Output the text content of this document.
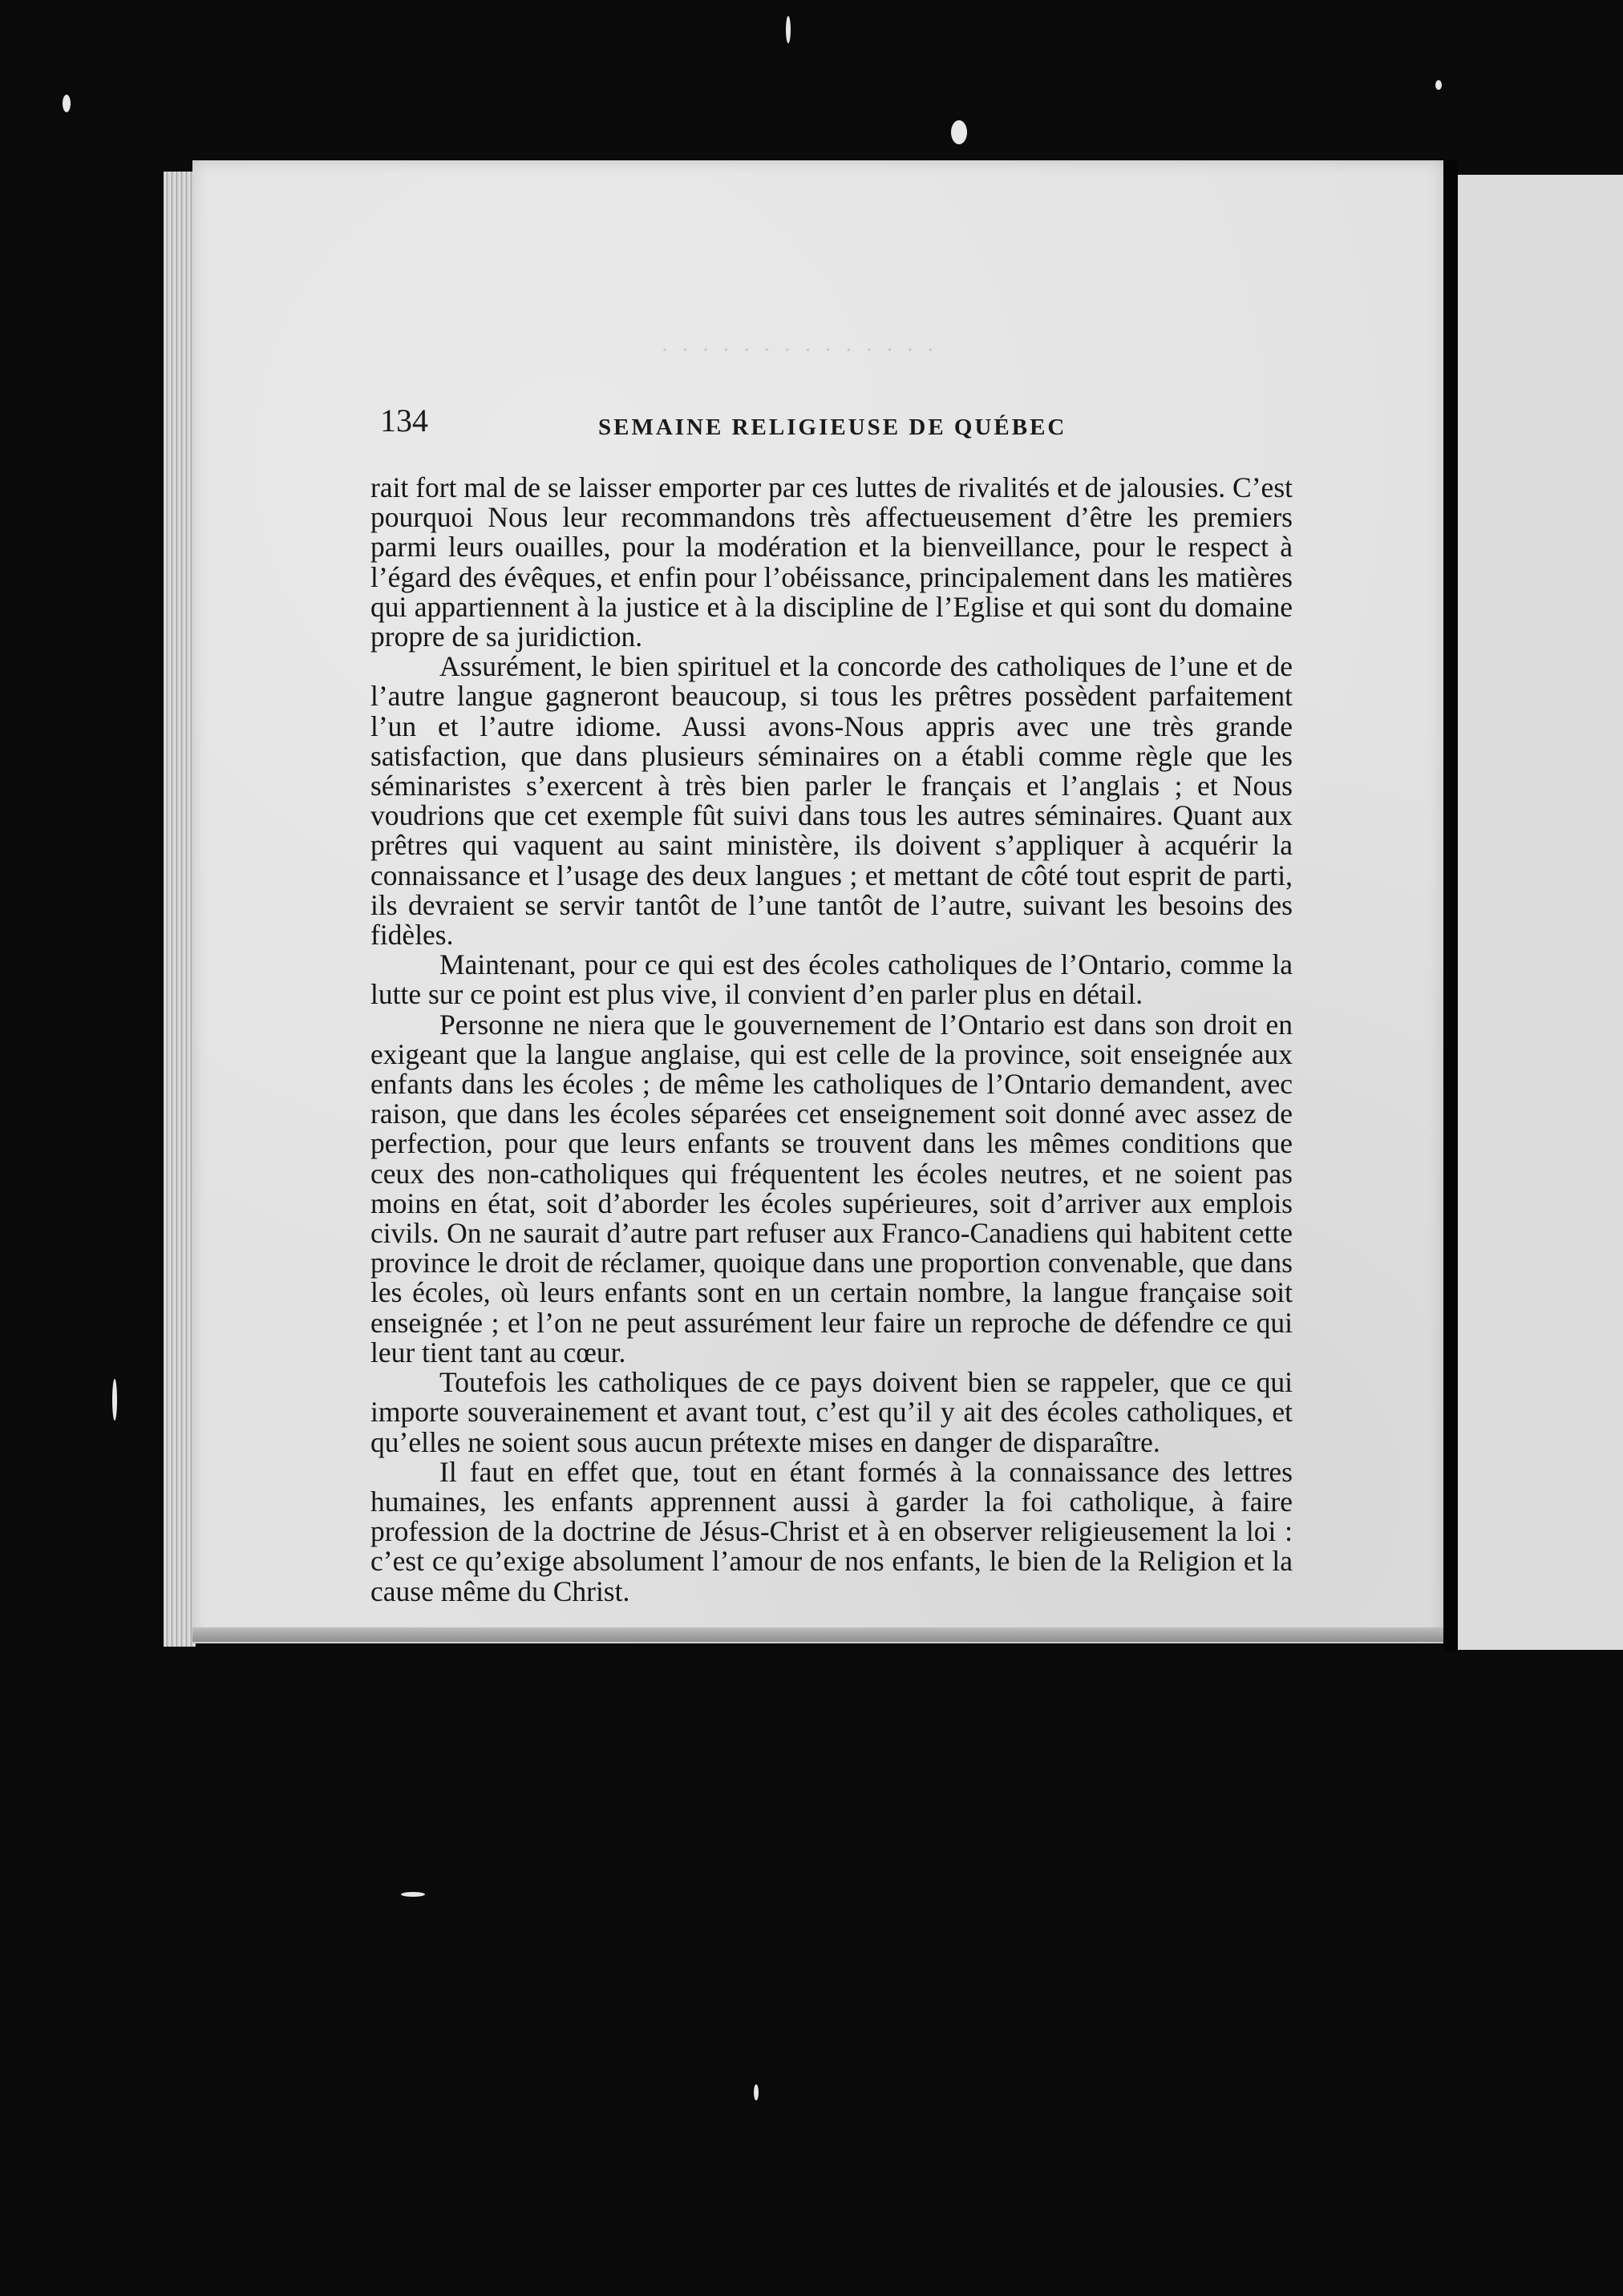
· · · · · · · · · · · · · ·
134	SEMAINE RELIGIEUSE DE QUÉBEC

rait fort mal de se laisser emporter par ces luttes de rivalités et de jalousies. C’est pourquoi Nous leur recommandons très affectueusement d’être les premiers parmi leurs ouailles, pour la modération et la bienveillance, pour le respect à l’égard des évêques, et enfin pour l’obéissance, principalement dans les matières qui appartiennent à la justice et à la discipline de l’Eglise et qui sont du domaine propre de sa juridiction.

Assurément, le bien spirituel et la concorde des catholiques de l’une et de l’autre langue gagneront beaucoup, si tous les prêtres possèdent parfaitement l’un et l’autre idiome. Aussi avons-Nous appris avec une très grande satisfaction, que dans plusieurs séminaires on a établi comme règle que les séminaristes s’exercent à très bien parler le français et l’anglais ; et Nous voudrions que cet exemple fût suivi dans tous les autres séminaires. Quant aux prêtres qui vaquent au saint ministère, ils doivent s’appliquer à acquérir la connaissance et l’usage des deux langues ; et mettant de côté tout esprit de parti, ils devraient se servir tantôt de l’une tantôt de l’autre, suivant les besoins des fidèles.

Maintenant, pour ce qui est des écoles catholiques de l’Ontario, comme la lutte sur ce point est plus vive, il convient d’en parler plus en détail.

Personne ne niera que le gouvernement de l’Ontario est dans son droit en exigeant que la langue anglaise, qui est celle de la province, soit enseignée aux enfants dans les écoles ; de même les catholiques de l’Ontario demandent, avec raison, que dans les écoles séparées cet enseignement soit donné avec assez de perfection, pour que leurs enfants se trouvent dans les mêmes conditions que ceux des non-catholiques qui fréquentent les écoles neutres, et ne soient pas moins en état, soit d’aborder les écoles supérieures, soit d’arriver aux emplois civils. On ne saurait d’autre part refuser aux Franco-Canadiens qui habitent cette province le droit de réclamer, quoique dans une proportion convenable, que dans les écoles, où leurs enfants sont en un certain nombre, la langue française soit enseignée ; et l’on ne peut assurément leur faire un reproche de défendre ce qui leur tient tant au cœur.

Toutefois les catholiques de ce pays doivent bien se rappeler, que ce qui importe souverainement et avant tout, c’est qu’il y ait des écoles catholiques, et qu’elles ne soient sous aucun prétexte mises en danger de disparaître.

Il faut en effet que, tout en étant formés à la connaissance des lettres humaines, les enfants apprennent aussi à garder la foi catholique, à faire profession de la doctrine de Jésus-Christ et à en observer religieusement la loi : c’est ce qu’exige absolument l’amour de nos enfants, le bien de la Religion et la cause même du Christ.
